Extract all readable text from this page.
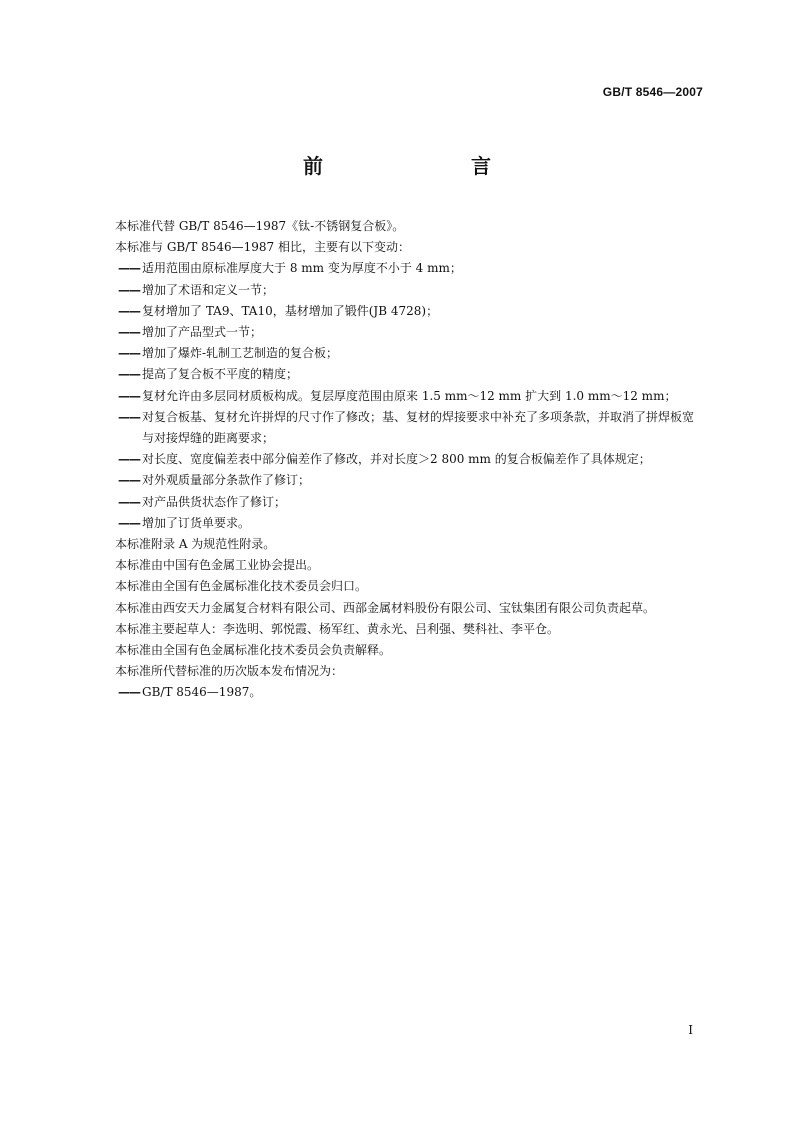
GB/T 8546—2007
前　　言
本标准代替 GB/T 8546—1987《钛-不锈钢复合板》。
本标准与 GB/T 8546—1987 相比，主要有以下变动：
—— 适用范围由原标准厚度大于 8 mm 变为厚度不小于 4 mm；
—— 增加了术语和定义一节；
—— 复材增加了 TA9、TA10，基材增加了锻件(JB 4728)；
—— 增加了产品型式一节；
—— 增加了爆炸-轧制工艺制造的复合板；
—— 提高了复合板不平度的精度；
—— 复材允许由多层同材质板构成。复层厚度范围由原来 1.5 mm～12 mm 扩大到 1.0 mm～12 mm；
—— 对复合板基、复材允许拼焊的尺寸作了修改；基、复材的焊接要求中补充了多项条款，并取消了拼焊板宽与对接焊缝的距离要求；
—— 对长度、宽度偏差表中部分偏差作了修改，并对长度＞2 800 mm 的复合板偏差作了具体规定；
—— 对外观质量部分条款作了修订；
—— 对产品供货状态作了修订；
—— 增加了订货单要求。
本标准附录 A 为规范性附录。
本标准由中国有色金属工业协会提出。
本标准由全国有色金属标准化技术委员会归口。
本标准由西安天力金属复合材料有限公司、西部金属材料股份有限公司、宝钛集团有限公司负责起草。
本标准主要起草人：李选明、郭悦霞、杨军红、黄永光、吕利强、樊科社、李平仓。
本标准由全国有色金属标准化技术委员会负责解释。
本标准所代替标准的历次版本发布情况为：
—— GB/T 8546—1987。
I
